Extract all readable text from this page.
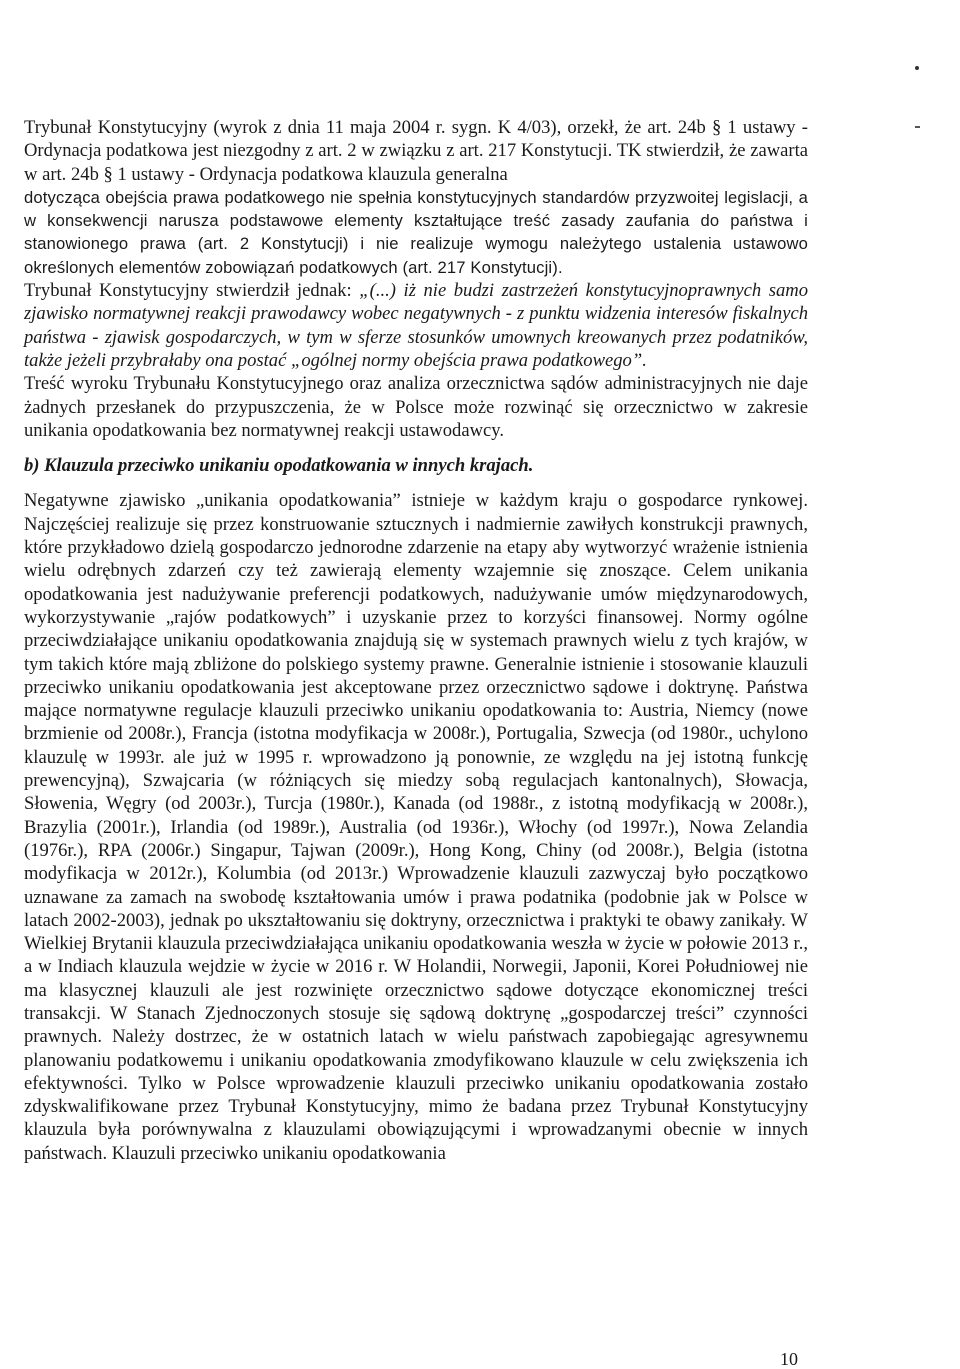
Trybunał Konstytucyjny (wyrok z dnia 11 maja 2004 r. sygn. K 4/03), orzekł, że art. 24b § 1 ustawy - Ordynacja podatkowa jest niezgodny z art. 2 w związku z art. 217 Konstytucji. TK stwierdził, że zawarta w art. 24b § 1 ustawy - Ordynacja podatkowa klauzula generalna

dotycząca obejścia prawa podatkowego nie spełnia konstytucyjnych standardów przyzwoitej legislacji, a w konsekwencji narusza podstawowe elementy kształtujące treść zasady zaufania do państwa i stanowionego prawa (art. 2 Konstytucji) i nie realizuje wymogu należytego ustalenia ustawowo określonych elementów zobowiązań podatkowych (art. 217 Konstytucji).

Trybunał Konstytucyjny stwierdził jednak: „(...) iż nie budzi zastrzeżeń konstytucyjnoprawnych samo zjawisko normatywnej reakcji prawodawcy wobec negatywnych - z punktu widzenia interesów fiskalnych państwa - zjawisk gospodarczych, w tym w sferze stosunków umownych kreowanych przez podatników, także jeżeli przybrałaby ona postać „ogólnej normy obejścia prawa podatkowego”.

Treść wyroku Trybunału Konstytucyjnego oraz analiza orzecznictwa sądów administracyjnych nie daje żadnych przesłanek do przypuszczenia, że w Polsce może rozwinąć się orzecznictwo w zakresie unikania opodatkowania bez normatywnej reakcji ustawodawcy.

b) Klauzula przeciwko unikaniu opodatkowania w innych krajach.

Negatywne zjawisko „unikania opodatkowania” istnieje w każdym kraju o gospodarce rynkowej. Najczęściej realizuje się przez konstruowanie sztucznych i nadmiernie zawiłych konstrukcji prawnych, które przykładowo dzielą gospodarczo jednorodne zdarzenie na etapy aby wytworzyć wrażenie istnienia wielu odrębnych zdarzeń czy też zawierają elementy wzajemnie się znoszące. Celem unikania opodatkowania jest nadużywanie preferencji podatkowych, nadużywanie umów międzynarodowych, wykorzystywanie „rajów podatkowych” i uzyskanie przez to korzyści finansowej. Normy ogólne przeciwdziałające unikaniu opodatkowania znajdują się w systemach prawnych wielu z tych krajów, w tym takich które mają zbliżone do polskiego systemy prawne. Generalnie istnienie i stosowanie klauzuli przeciwko unikaniu opodatkowania jest akceptowane przez orzecznictwo sądowe i doktrynę. Państwa mające normatywne regulacje klauzuli przeciwko unikaniu opodatkowania to: Austria, Niemcy (nowe brzmienie od 2008r.), Francja (istotna modyfikacja w 2008r.), Portugalia, Szwecja (od 1980r., uchylono klauzulę w 1993r. ale już w 1995 r. wprowadzono ją ponownie, ze względu na jej istotną funkcję prewencyjną), Szwajcaria (w różniących się miedzy sobą regulacjach kantonalnych), Słowacja, Słowenia, Węgry (od 2003r.), Turcja (1980r.), Kanada (od 1988r., z istotną modyfikacją w 2008r.), Brazylia (2001r.), Irlandia (od 1989r.), Australia (od 1936r.), Włochy (od 1997r.), Nowa Zelandia (1976r.), RPA (2006r.) Singapur, Tajwan (2009r.), Hong Kong, Chiny (od 2008r.), Belgia (istotna modyfikacja w 2012r.), Kolumbia (od 2013r.) Wprowadzenie klauzuli zazwyczaj było początkowo uznawane za zamach na swobodę kształtowania umów i prawa podatnika (podobnie jak w Polsce w latach 2002-2003), jednak po ukształtowaniu się doktryny, orzecznictwa i praktyki te obawy zanikały. W Wielkiej Brytanii klauzula przeciwdziałająca unikaniu opodatkowania weszła w życie w połowie 2013 r., a w Indiach klauzula wejdzie w życie w 2016 r. W Holandii, Norwegii, Japonii, Korei Południowej nie ma klasycznej klauzuli ale jest rozwinięte orzecznictwo sądowe dotyczące ekonomicznej treści transakcji. W Stanach Zjednoczonych stosuje się sądową doktrynę „gospodarczej treści” czynności prawnych. Należy dostrzec, że w ostatnich latach w wielu państwach zapobiegając agresywnemu planowaniu podatkowemu i unikaniu opodatkowania zmodyfikowano klauzule w celu zwiększenia ich efektywności. Tylko w Polsce wprowadzenie klauzuli przeciwko unikaniu opodatkowania zostało zdyskwalifikowane przez Trybunał Konstytucyjny, mimo że badana przez Trybunał Konstytucyjny klauzula była porównywalna z klauzulami obowiązującymi i wprowadzanymi obecnie w innych państwach. Klauzuli przeciwko unikaniu opodatkowania

10
